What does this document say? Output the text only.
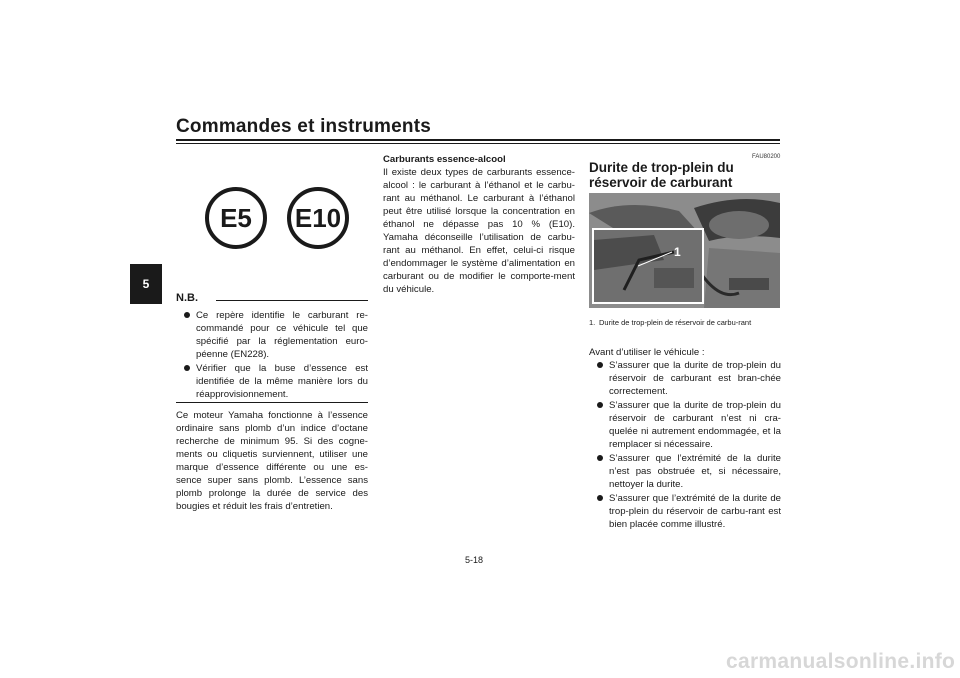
Commandes et instruments
5
E5	E10
N.B.
Ce repère identifie le carburant re-commandé pour ce véhicule tel que spécifié par la réglementation euro-péenne (EN228).
Vérifier que la buse d’essence est identifiée de la même manière lors du réapprovisionnement.
Ce moteur Yamaha fonctionne à l’essence ordinaire sans plomb d’un indice d’octane recherche de minimum 95. Si des cogne-ments ou cliquetis surviennent, utiliser une marque d’essence différente ou une es-sence super sans plomb. L’essence sans plomb prolonge la durée de service des bougies et réduit les frais d’entretien.
Carburants essence-alcool
Il existe deux types de carburants essence-alcool : le carburant à l’éthanol et le carbu-rant au méthanol. Le carburant à l’éthanol peut être utilisé lorsque la concentration en éthanol ne dépasse pas 10 % (E10). Yamaha déconseille l’utilisation de carbu-rant au méthanol. En effet, celui-ci risque d’endommager le système d’alimentation en carburant ou de modifier le comporte-ment du véhicule.
FAU80200
Durite de trop-plein du réservoir de carburant
1
1. Durite de trop-plein de réservoir de carbu-rant
Avant d’utiliser le véhicule :
S’assurer que la durite de trop-plein du réservoir de carburant est bran-chée correctement.
S’assurer que la durite de trop-plein du réservoir de carburant n’est ni cra-quelée ni autrement endommagée, et la remplacer si nécessaire.
S’assurer que l’extrémité de la durite n’est pas obstruée et, si nécessaire, nettoyer la durite.
S’assurer que l’extrémité de la durite de trop-plein du réservoir de carbu-rant est bien placée comme illustré.
5-18
carmanualsonline.info
